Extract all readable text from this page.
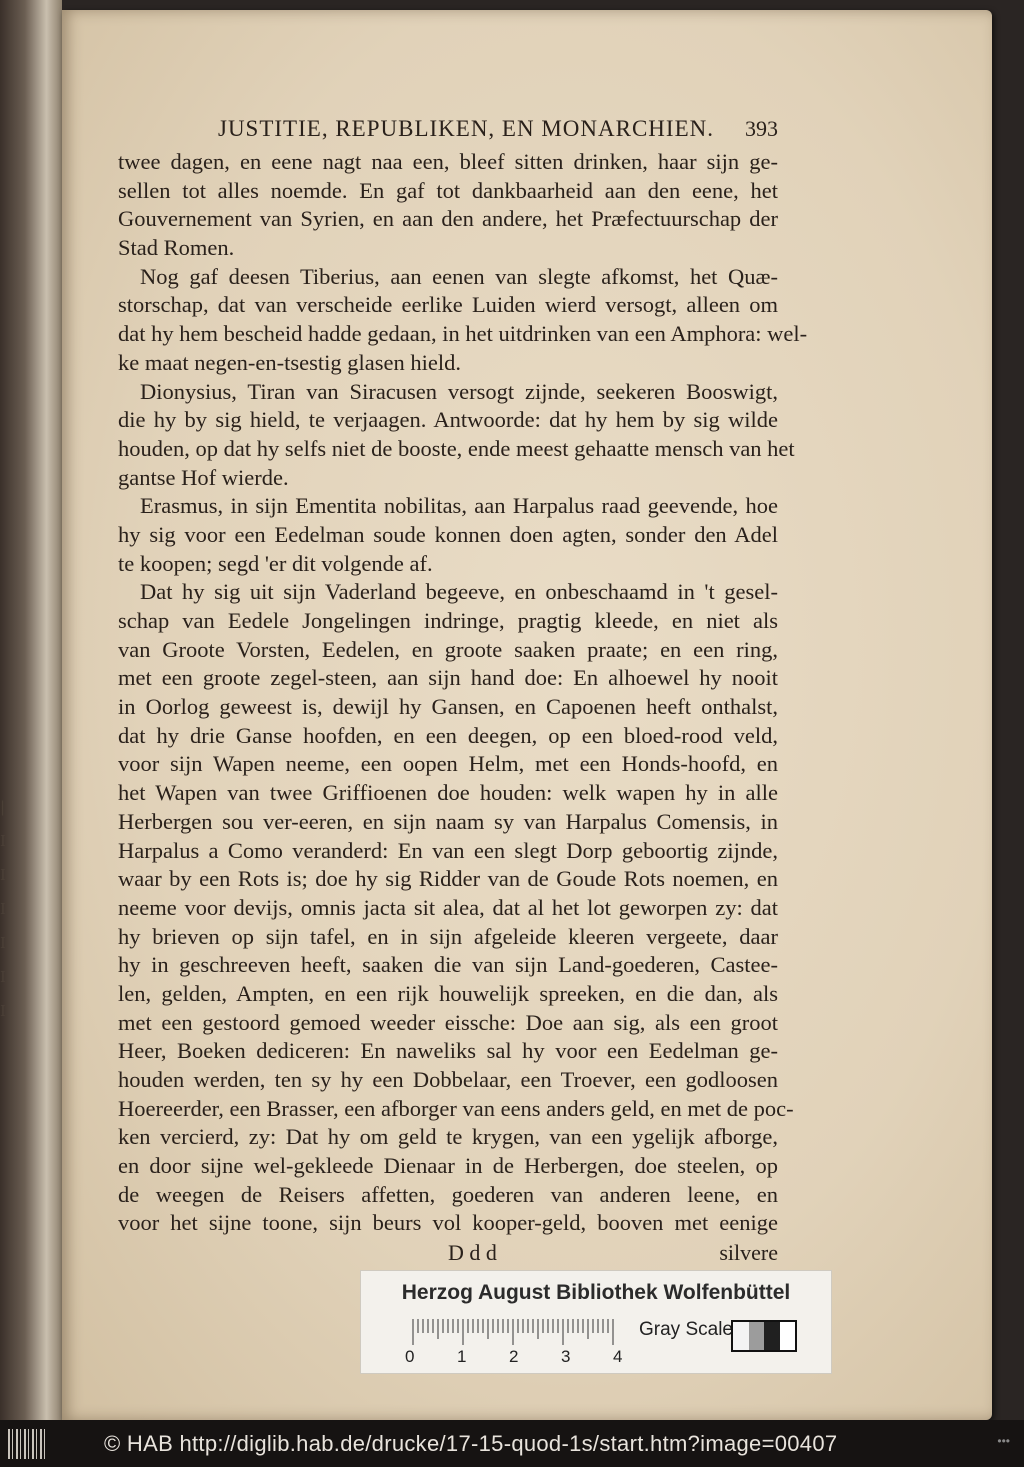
|
I
I
I
I
I
I
JUSTITIE, REPUBLIKEN, EN MONARCHIEN. 393
twee dagen, en eene nagt naa een, bleef sitten drinken, haar sijn ge-
sellen tot alles noemde. En gaf tot dankbaarheid aan den eene, het
Gouvernement van Syrien, en aan den andere, het Præfectuurschap der
Stad Romen.
Nog gaf deesen Tiberius, aan eenen van slegte afkomst, het Quæ-
storschap, dat van verscheide eerlike Luiden wierd versogt, alleen om
dat hy hem bescheid hadde gedaan, in het uitdrinken van een Amphora: wel-
ke maat negen-en-tsestig glasen hield.
Dionysius, Tiran van Siracusen versogt zijnde, seekeren Booswigt,
die hy by sig hield, te verjaagen. Antwoorde: dat hy hem by sig wilde
houden, op dat hy selfs niet de booste, ende meest gehaatte mensch van het
gantse Hof wierde.
Erasmus, in sijn Ementita nobilitas, aan Harpalus raad geevende, hoe
hy sig voor een Eedelman soude konnen doen agten, sonder den Adel
te koopen; segd 'er dit volgende af.
Dat hy sig uit sijn Vaderland begeeve, en onbeschaamd in 't gesel-
schap van Eedele Jongelingen indringe, pragtig kleede, en niet als
van Groote Vorsten, Eedelen, en groote saaken praate; en een ring,
met een groote zegel-steen, aan sijn hand doe: En alhoewel hy nooit
in Oorlog geweest is, dewijl hy Gansen, en Capoenen heeft onthalst,
dat hy drie Ganse hoofden, en een deegen, op een bloed-rood veld,
voor sijn Wapen neeme, een oopen Helm, met een Honds-hoofd, en
het Wapen van twee Griffioenen doe houden: welk wapen hy in alle
Herbergen sou ver-eeren, en sijn naam sy van Harpalus Comensis, in
Harpalus a Como veranderd: En van een slegt Dorp geboortig zijnde,
waar by een Rots is; doe hy sig Ridder van de Goude Rots noemen, en
neeme voor devijs, omnis jacta sit alea, dat al het lot geworpen zy: dat
hy brieven op sijn tafel, en in sijn afgeleide kleeren vergeete, daar
hy in geschreeven heeft, saaken die van sijn Land-goederen, Castee-
len, gelden, Ampten, en een rijk houwelijk spreeken, en die dan, als
met een gestoord gemoed weeder eissche: Doe aan sig, als een groot
Heer, Boeken dediceren: En naweliks sal hy voor een Eedelman ge-
houden werden, ten sy hy een Dobbelaar, een Troever, een godloosen
Hoereerder, een Brasser, een afborger van eens anders geld, en met de poc-
ken vercierd, zy: Dat hy om geld te krygen, van een ygelijk afborge,
en door sijne wel-gekleede Dienaar in de Herbergen, doe steelen, op
de weegen de Reisers affetten, goederen van anderen leene, en
voor het sijne toone, sijn beurs vol kooper-geld, booven met eenige
D d d	silvere
Herzog August Bibliothek Wolfenbüttel
0	1	2	3	4
Gray Scale
© HAB http://diglib.hab.de/drucke/17-15-quod-1s/start.htm?image=00407	•••
